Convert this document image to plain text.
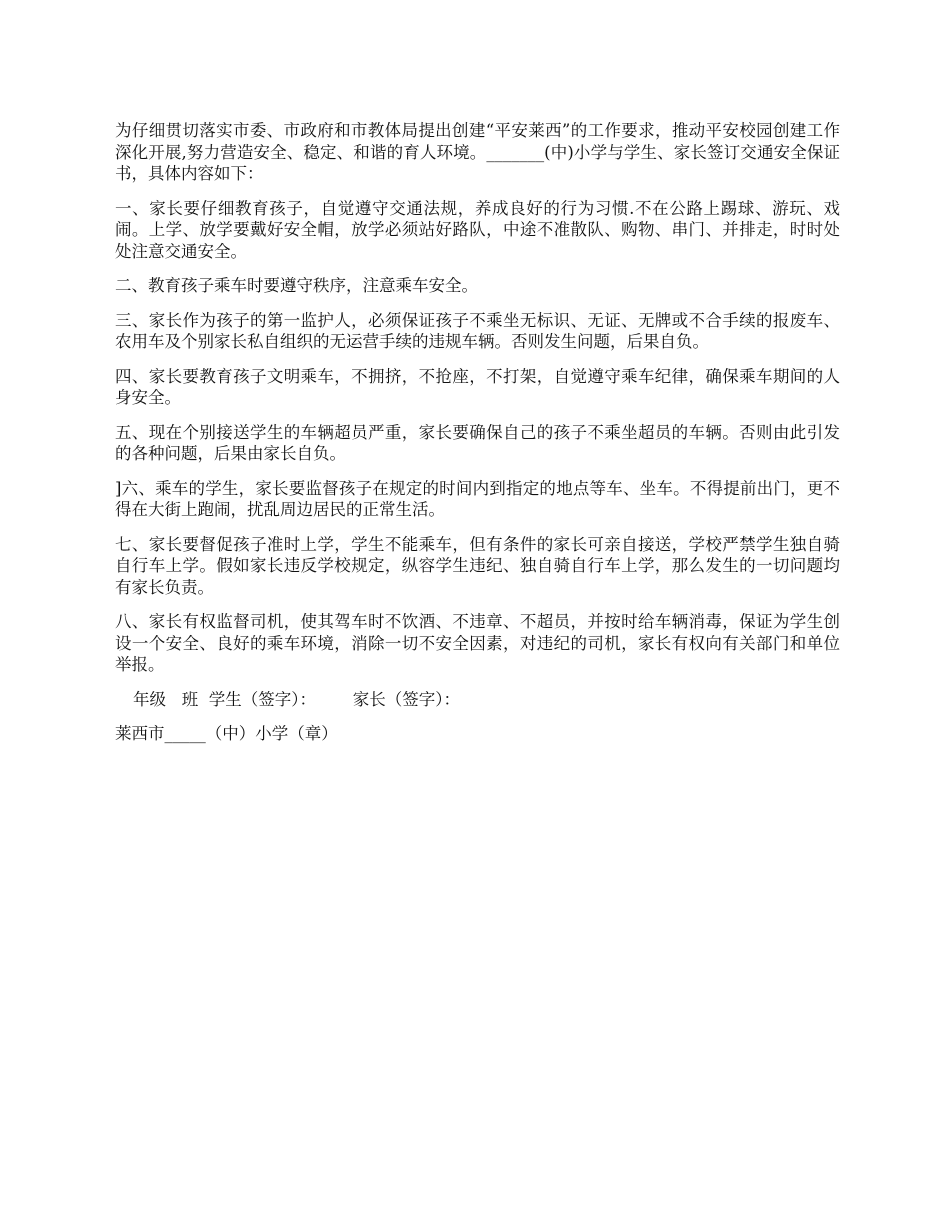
为仔细贯切落实市委、市政府和市教体局提出创建“平安莱西”的工作要求，推动平安校园创建工作深化开展,努力营造安全、稳定、和谐的育人环境。_______(中)小学与学生、家长签订交通安全保证书，具体内容如下：

一、家长要仔细教育孩子，自觉遵守交通法规，养成良好的行为习惯.不在公路上踢球、游玩、戏闹。上学、放学要戴好安全帽，放学必须站好路队，中途不准散队、购物、串门、并排走，时时处处注意交通安全。

二、教育孩子乘车时要遵守秩序，注意乘车安全。

三、家长作为孩子的第一监护人，必须保证孩子不乘坐无标识、无证、无牌或不合手续的报废车、农用车及个别家长私自组织的无运营手续的违规车辆。否则发生问题，后果自负。

四、家长要教育孩子文明乘车，不拥挤，不抢座，不打架，自觉遵守乘车纪律，确保乘车期间的人身安全。

五、现在个别接送学生的车辆超员严重，家长要确保自己的孩子不乘坐超员的车辆。否则由此引发的各种问题，后果由家长自负。

]六、乘车的学生，家长要监督孩子在规定的时间内到指定的地点等车、坐车。不得提前出门，更不得在大街上跑闹，扰乱周边居民的正常生活。

七、家长要督促孩子准时上学，学生不能乘车，但有条件的家长可亲自接送，学校严禁学生独自骑自行车上学。假如家长违反学校规定，纵容学生违纪、独自骑自行车上学，那么发生的一切问题均有家长负责。

八、家长有权监督司机，使其驾车时不饮酒、不违章、不超员，并按时给车辆消毒，保证为学生创设一个安全、良好的乘车环境，消除一切不安全因素，对违纪的司机，家长有权向有关部门和单位举报。

年级   班  学生（签字）：       家长（签字）：

莱西市_____（中）小学（章）
